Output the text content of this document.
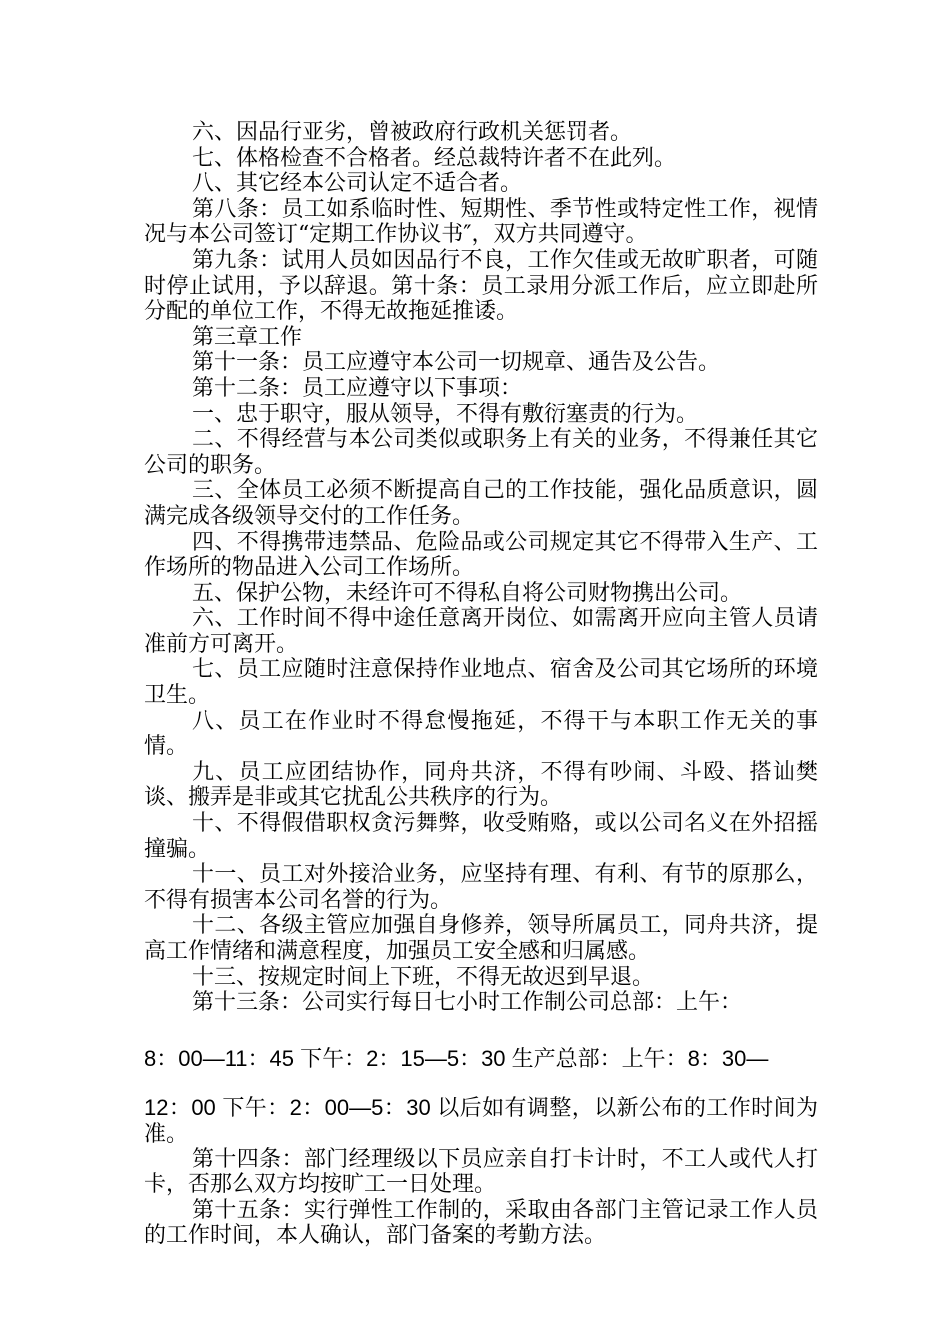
六、因品行亚劣，曾被政府行政机关惩罚者。

七、体格检查不合格者。经总裁特许者不在此列。

八、其它经本公司认定不适合者。

第八条：员工如系临时性、短期性、季节性或特定性工作，视情况与本公司签订“定期工作协议书″，双方共同遵守。

第九条：试用人员如因品行不良，工作欠佳或无故旷职者，可随时停止试用，予以辞退。第十条：员工录用分派工作后，应立即赴所分配的单位工作，不得无故拖延推诿。

第三章工作

第十一条：员工应遵守本公司一切规章、通告及公告。

第十二条：员工应遵守以下事项：

一、忠于职守，服从领导，不得有敷衍塞责的行为。

二、不得经营与本公司类似或职务上有关的业务，不得兼任其它公司的职务。

三、全体员工必须不断提高自己的工作技能，强化品质意识，圆满完成各级领导交付的工作任务。

四、不得携带违禁品、危险品或公司规定其它不得带入生产、工作场所的物品进入公司工作场所。

五、保护公物，未经许可不得私自将公司财物携出公司。

六、工作时间不得中途任意离开岗位、如需离开应向主管人员请准前方可离开。

七、员工应随时注意保持作业地点、宿舍及公司其它场所的环境卫生。

八、员工在作业时不得怠慢拖延，不得干与本职工作无关的事情。

九、员工应团结协作，同舟共济，不得有吵闹、斗殴、搭讪樊谈、搬弄是非或其它扰乱公共秩序的行为。

十、不得假借职权贪污舞弊，收受贿赂，或以公司名义在外招摇撞骗。

十一、员工对外接洽业务，应坚持有理、有利、有节的原那么，不得有损害本公司名誉的行为。

十二、各级主管应加强自身修养，领导所属员工，同舟共济，提高工作情绪和满意程度，加强员工安全感和归属感。

十三、按规定时间上下班，不得无故迟到早退。

第十三条：公司实行每日七小时工作制公司总部：上午：

8：00—11：45 下午：2：15—5：30 生产总部：上午：8：30—

12：00 下午：2：00—5：30 以后如有调整，以新公布的工作时间为准。

第十四条：部门经理级以下员应亲自打卡计时，不工人或代人打卡，否那么双方均按旷工一日处理。

第十五条：实行弹性工作制的，采取由各部门主管记录工作人员的工作时间，本人确认，部门备案的考勤方法。
